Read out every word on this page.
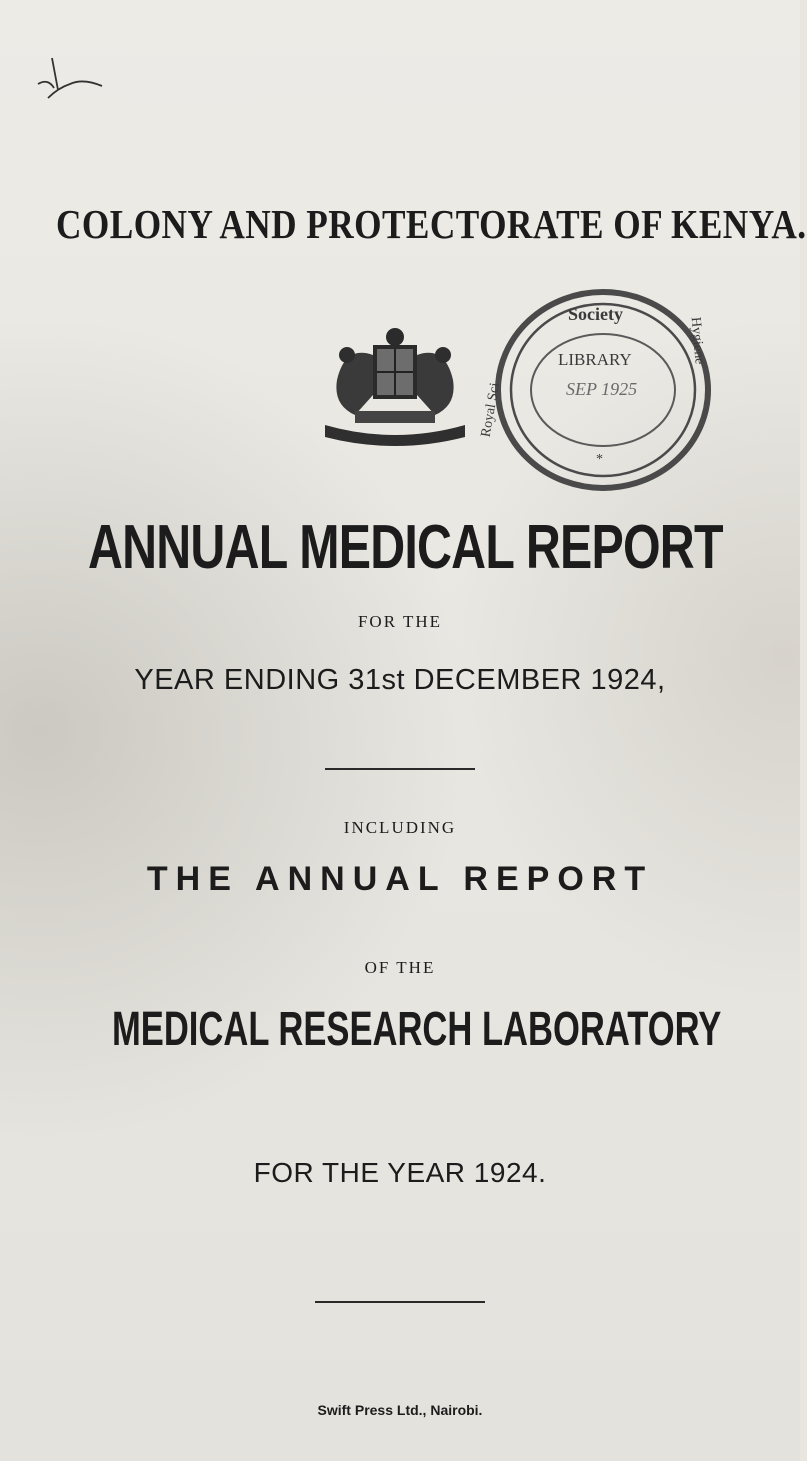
COLONY AND PROTECTORATE OF KENYA.
Society
LIBRARY
SEP 1925
Royal Sci
Hygiene
*
ANNUAL MEDICAL REPORT
FOR THE
YEAR ENDING 31st DECEMBER 1924,
INCLUDING
THE ANNUAL REPORT
OF THE
MEDICAL RESEARCH LABORATORY
FOR THE YEAR 1924.
Swift Press Ltd., Nairobi.
